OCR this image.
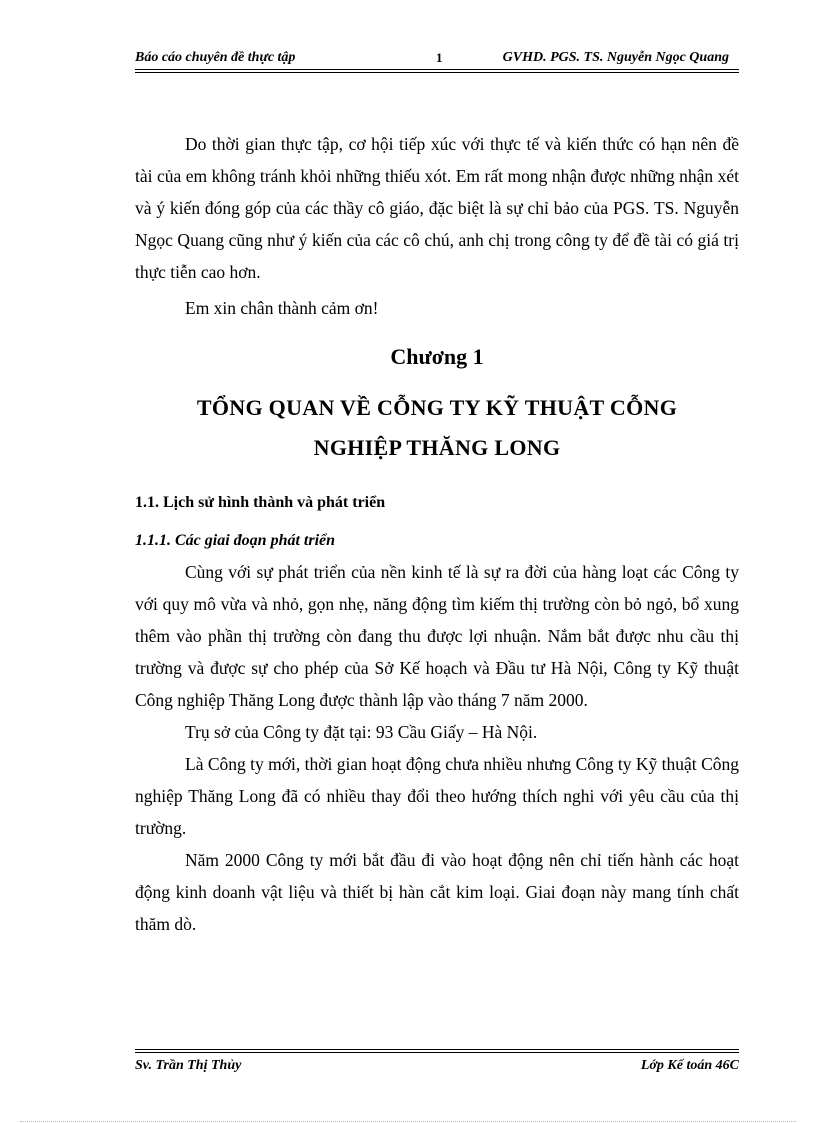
Báo cáo chuyên đề thực tập	1	GVHD. PGS. TS. Nguyễn Ngọc Quang

Do thời gian thực tập, cơ hội tiếp xúc với thực tế và kiến thức có hạn nên đề tài của em không tránh khỏi những thiếu xót. Em rất mong nhận được những nhận xét và ý kiến đóng góp của các thầy cô giáo, đặc biệt là sự chỉ bảo của PGS. TS. Nguyễn Ngọc Quang cũng như ý kiến của các cô chú, anh chị trong công ty để đề tài có giá trị thực tiễn cao hơn.

Em xin chân thành cảm ơn!

Chương 1

TỔNG QUAN VỀ CỖNG TY KỸ THUẬT CỖNG

NGHIỆP THĂNG LONG

1.1. Lịch sử hình thành và phát triển

1.1.1. Các giai đoạn phát triển

Cùng với sự phát triển của nền kinh tế là sự ra đời của hàng loạt các Công ty với quy mô vừa và nhỏ, gọn nhẹ, năng động tìm kiếm thị trường còn bỏ ngỏ, bổ xung thêm vào phần thị trường còn đang thu được lợi nhuận. Nắm bắt được nhu cầu thị trường và được sự cho phép của Sở Kế hoạch và Đầu tư Hà Nội, Công ty Kỹ thuật Công nghiệp Thăng Long được thành lập vào tháng 7 năm 2000.

Trụ sở của Công ty đặt tại: 93 Cầu Giấy – Hà Nội.

Là Công ty mới, thời gian hoạt động chưa nhiều nhưng Công ty Kỹ thuật Công nghiệp Thăng Long đã có nhiều thay đổi theo hướng thích nghi với yêu cầu của thị trường.

Năm 2000 Công ty mới bắt đầu đi vào hoạt động nên chỉ tiến hành các hoạt động kinh doanh vật liệu và thiết bị hàn cắt kim loại. Giai đoạn này mang tính chất thăm dò.

Sv. Trần Thị Thủy	Lớp Kế toán 46C
